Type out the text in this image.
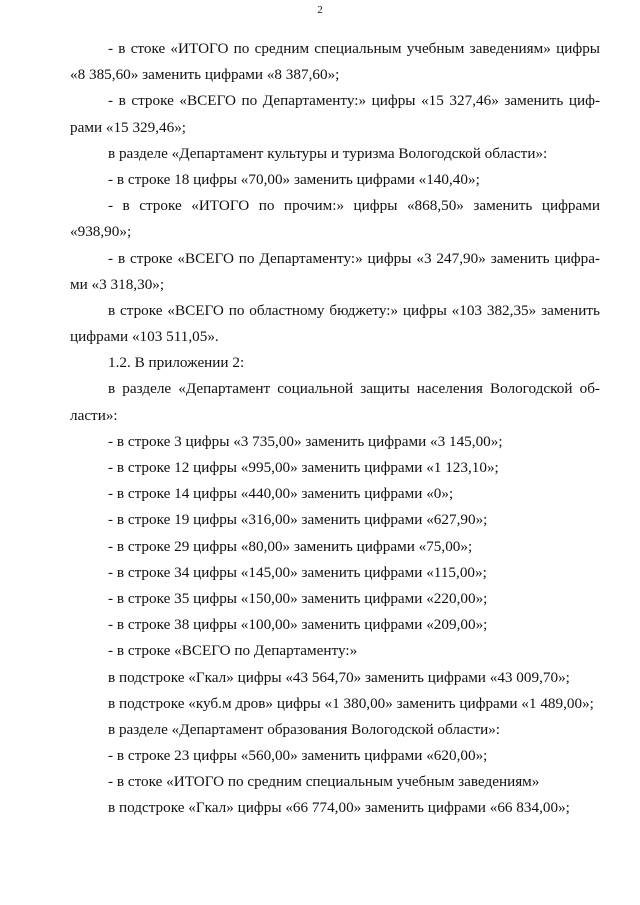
2
- в стоке «ИТОГО по средним специальным учебным заведениям» цифры
«8 385,60» заменить цифрами «8 387,60»;
- в строке «ВСЕГО по Департаменту:» цифры «15 327,46» заменить циф-
рами «15 329,46»;
в разделе «Департамент культуры и туризма Вологодской области»:
- в строке 18 цифры «70,00» заменить цифрами «140,40»;
- в строке «ИТОГО по прочим:» цифры «868,50» заменить цифрами
«938,90»;
- в строке «ВСЕГО по Департаменту:» цифры «3 247,90» заменить цифра-
ми «3 318,30»;
в строке «ВСЕГО по областному бюджету:» цифры «103 382,35» заменить
цифрами «103 511,05».
1.2. В приложении 2:
в разделе «Департамент социальной защиты населения Вологодской об-
ласти»:
- в строке 3 цифры «3 735,00» заменить цифрами «3 145,00»;
- в строке 12 цифры «995,00» заменить цифрами «1 123,10»;
- в строке 14 цифры «440,00» заменить цифрами «0»;
- в строке 19 цифры «316,00» заменить цифрами «627,90»;
- в строке 29 цифры «80,00» заменить цифрами «75,00»;
- в строке 34 цифры «145,00» заменить цифрами «115,00»;
- в строке 35 цифры «150,00» заменить цифрами «220,00»;
- в строке 38 цифры «100,00» заменить цифрами «209,00»;
- в строке «ВСЕГО по Департаменту:»
в подстроке «Гкал» цифры «43 564,70» заменить цифрами «43 009,70»;
в подстроке «куб.м дров» цифры «1 380,00» заменить цифрами «1 489,00»;
в разделе «Департамент образования Вологодской области»:
- в строке 23 цифры «560,00» заменить цифрами «620,00»;
- в стоке «ИТОГО по средним специальным учебным заведениям»
в подстроке «Гкал» цифры «66 774,00» заменить цифрами «66 834,00»;
